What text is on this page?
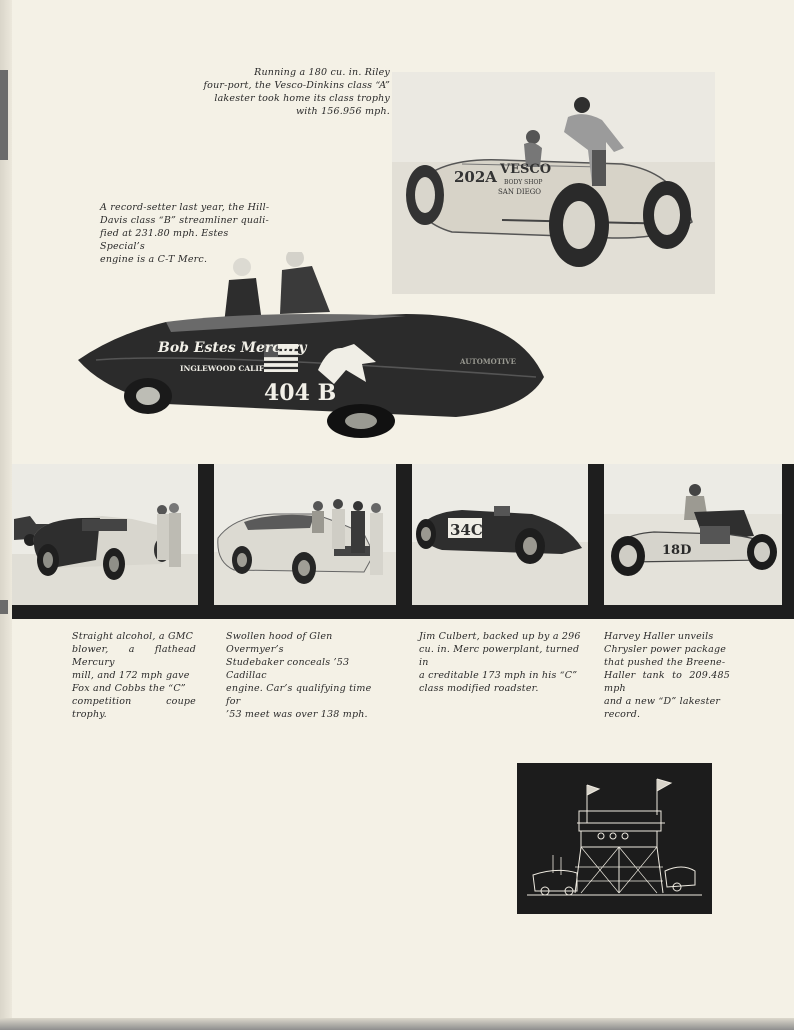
Running a 180 cu. in. Riley
four-port, the Vesco-Dinkins class “A”
lakester took home its class trophy
with 156.956 mph.
202A VESCO
BODY SHOP
SAN DIEGO
A record-setter last year, the Hill-
Davis class “B” streamliner quali-
fied at 231.80 mph. Estes Special’s
engine is a C-T Merc.
Bob Estes Mercury
INGLEWOOD CALIF.
404 B
AUTOMOTIVE
34C
18D
Straight alcohol, a GMC
blower, a flathead Mercury
mill, and 172 mph gave
Fox and Cobbs the “C”
competition coupe trophy.
Swollen hood of Glen Overmyer’s
Studebaker conceals ’53 Cadillac
engine. Car’s qualifying time for
’53 meet was over 138 mph.
Jim Culbert, backed up by a 296
cu. in. Merc powerplant, turned in
a creditable 173 mph in his “C”
class modified roadster.
Harvey Haller unveils
Chrysler power package
that pushed the Breene-
Haller tank to 209.485 mph
and a new “D” lakester
record.
